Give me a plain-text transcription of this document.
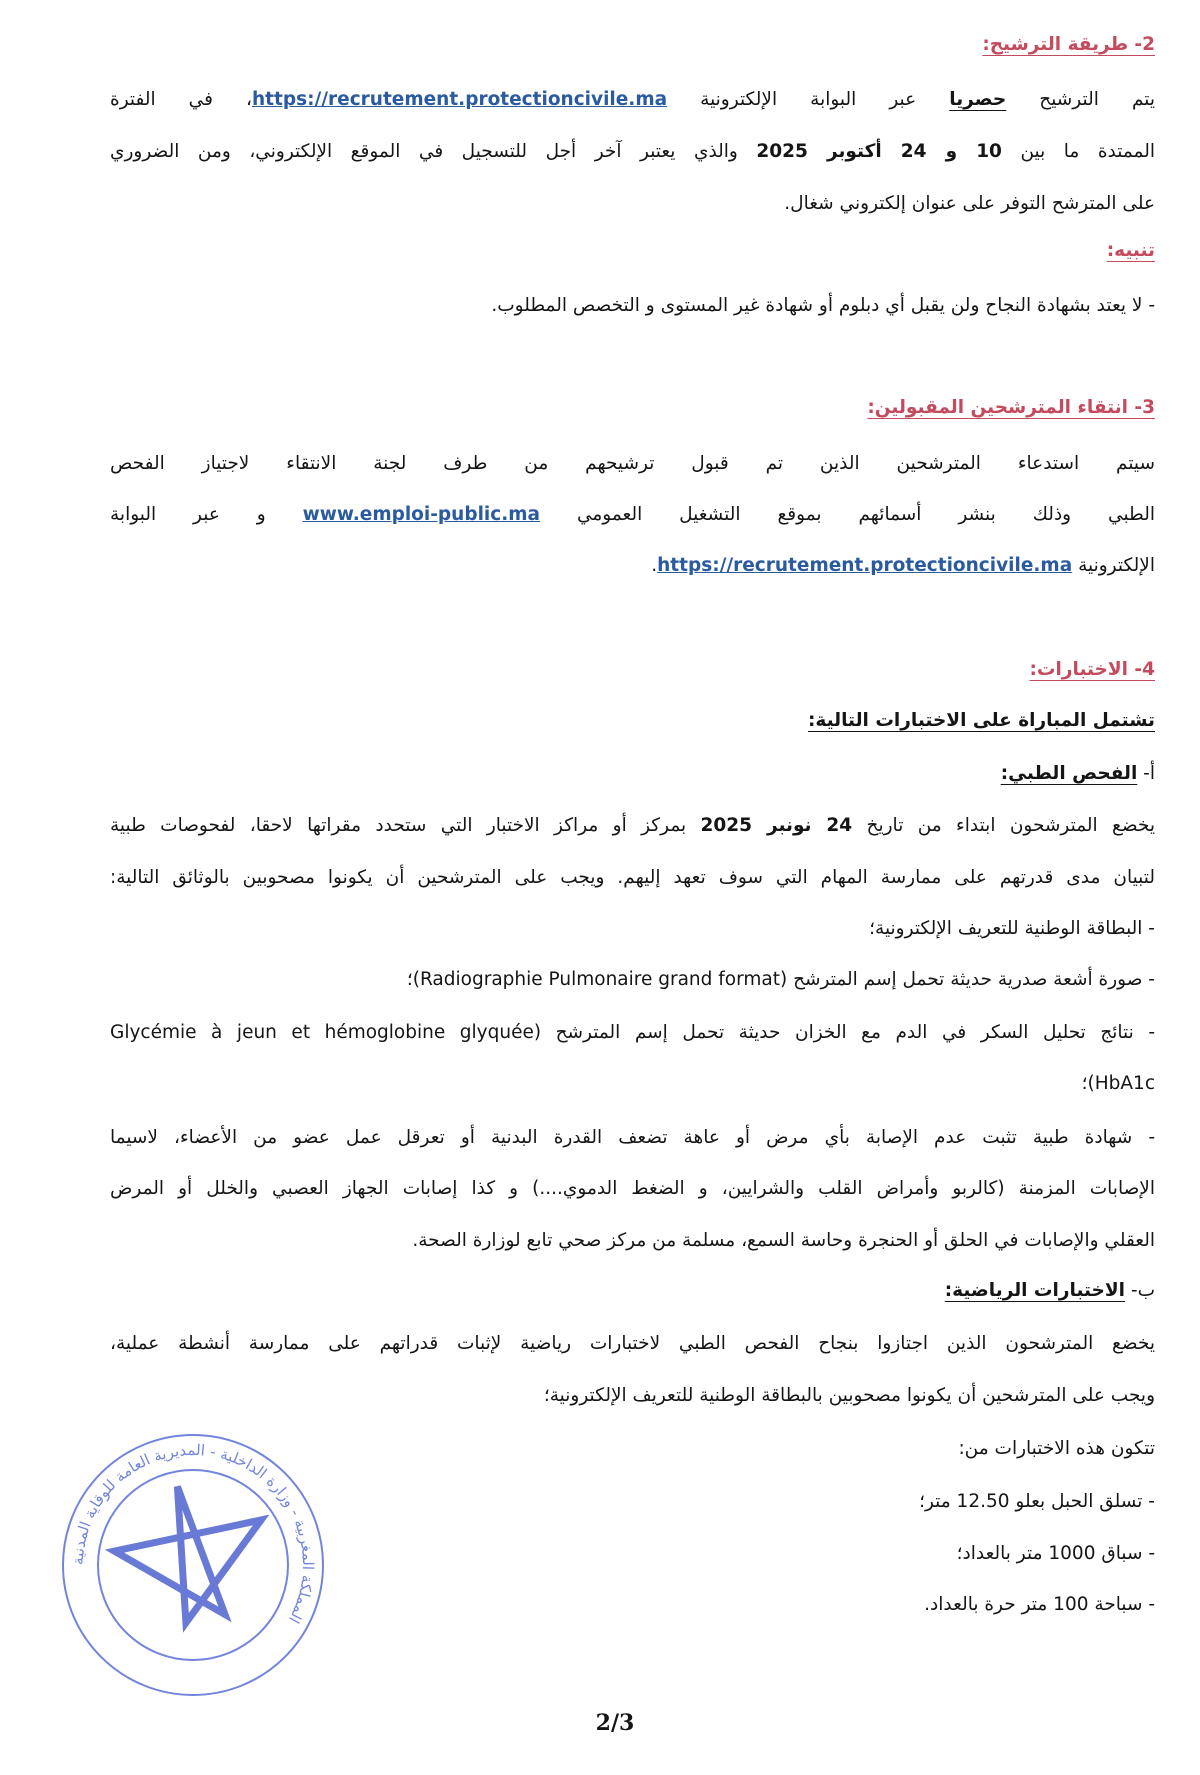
2- طريقة الترشيح:
يتم الترشيح حصريا عبر البوابة الإلكترونية https://recrutement.protectioncivile.ma، في الفترة
الممتدة ما بين 10 و 24 أكتوبر 2025 والذي يعتبر آخر أجل للتسجيل في الموقع الإلكتروني، ومن الضروري
على المترشح التوفر على عنوان إلكتروني شغال.
تنبيه:
- لا يعتد بشهادة النجاح ولن يقبل أي دبلوم أو شهادة غير المستوى و التخصص المطلوب.
3- انتقاء المترشحين المقبولين:
سيتم استدعاء المترشحين الذين تم قبول ترشيحهم من طرف لجنة الانتقاء لاجتياز الفحص
الطبي وذلك بنشر أسمائهم بموقع التشغيل العمومي www.emploi-public.ma و عبر البوابة
الإلكترونية https://recrutement.protectioncivile.ma.
4- الاختبارات:
تشتمل المباراة على الاختبارات التالية:
أ- الفحص الطبي:
يخضع المترشحون ابتداء من تاريخ 24 نونبر 2025 بمركز أو مراكز الاختبار التي ستحدد مقراتها لاحقا، لفحوصات طبية
لتبيان مدى قدرتهم على ممارسة المهام التي سوف تعهد إليهم. ويجب على المترشحين أن يكونوا مصحوبين بالوثائق التالية:
- البطاقة الوطنية للتعريف الإلكترونية؛
- صورة أشعة صدرية حديثة تحمل إسم المترشح (Radiographie Pulmonaire grand format)؛
- نتائج تحليل السكر في الدم مع الخزان حديثة تحمل إسم المترشح (Glycémie à jeun et hémoglobine glyquée
HbA1c)؛
- شهادة طبية تثبت عدم الإصابة بأي مرض أو عاهة تضعف القدرة البدنية أو تعرقل عمل عضو من الأعضاء، لاسيما
الإصابات المزمنة (كالربو وأمراض القلب والشرايين، و الضغط الدموي....) و كذا إصابات الجهاز العصبي والخلل أو المرض
العقلي والإصابات في الحلق أو الحنجرة وحاسة السمع، مسلمة من مركز صحي تابع لوزارة الصحة.
ب- الاختبارات الرياضية:
يخضع المترشحون الذين اجتازوا بنجاح الفحص الطبي لاختبارات رياضية لإثبات قدراتهم على ممارسة أنشطة عملية،
ويجب على المترشحين أن يكونوا مصحوبين بالبطاقة الوطنية للتعريف الإلكترونية؛
تتكون هذه الاختبارات من:
- تسلق الحبل بعلو 12.50 متر؛
- سباق 1000 متر بالعداد؛
- سباحة 100 متر حرة بالعداد.
المملكة المغربية - وزارة الداخلية - المديرية العامة للوقاية المدنية
2/3
